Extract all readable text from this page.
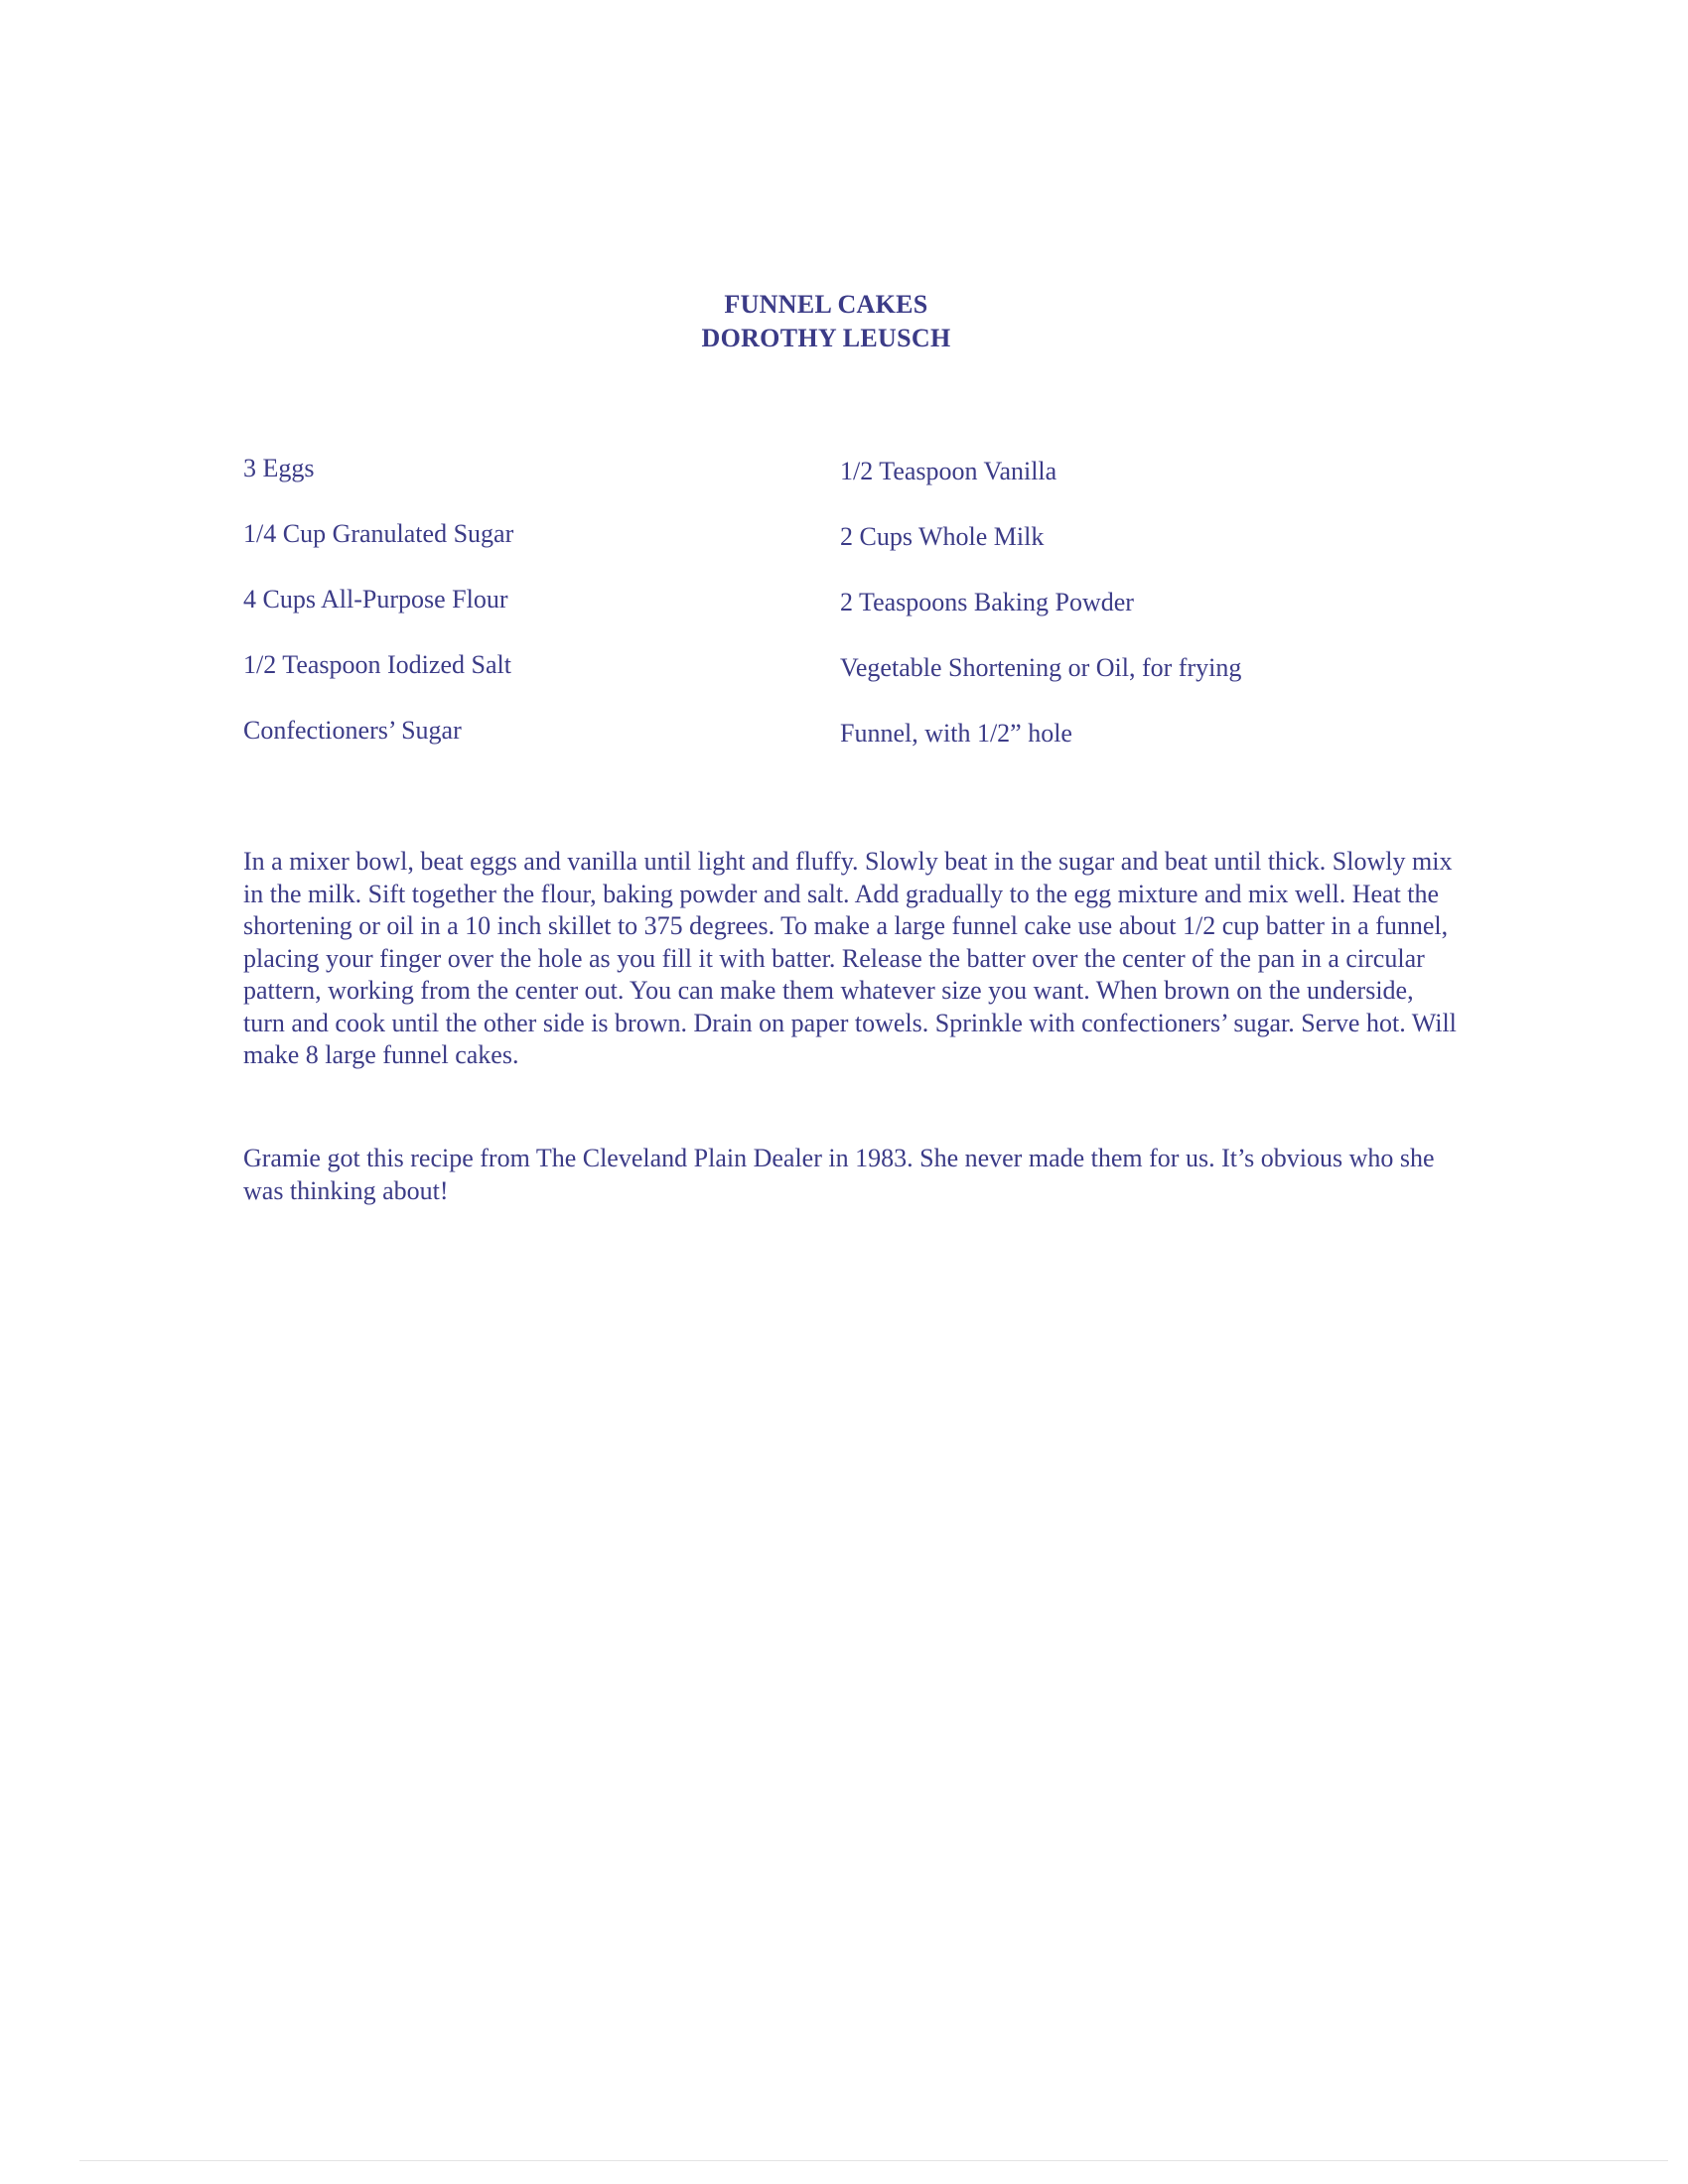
FUNNEL CAKES
DOROTHY LEUSCH
3 Eggs
1/4 Cup Granulated Sugar
4 Cups All-Purpose Flour
1/2 Teaspoon Iodized Salt
Confectioners’ Sugar
1/2 Teaspoon Vanilla
2 Cups Whole Milk
2 Teaspoons Baking Powder
Vegetable Shortening or Oil, for frying
Funnel, with 1/2” hole

In a mixer bowl, beat eggs and vanilla until light and fluffy. Slowly beat in the sugar and beat until thick. Slowly mix in the milk. Sift together the flour, baking powder and salt. Add gradually to the egg mixture and mix well. Heat the shortening or oil in a 10 inch skillet to 375 degrees. To make a large funnel cake use about 1/2 cup batter in a funnel, placing your finger over the hole as you fill it with batter. Release the batter over the center of the pan in a circular pattern, working from the center out. You can make them whatever size you want. When brown on the underside, turn and cook until the other side is brown. Drain on paper towels. Sprinkle with confectioners’ sugar. Serve hot. Will make 8 large funnel cakes.

Gramie got this recipe from The Cleveland Plain Dealer in 1983. She never made them for us. It’s obvious who she was thinking about!
